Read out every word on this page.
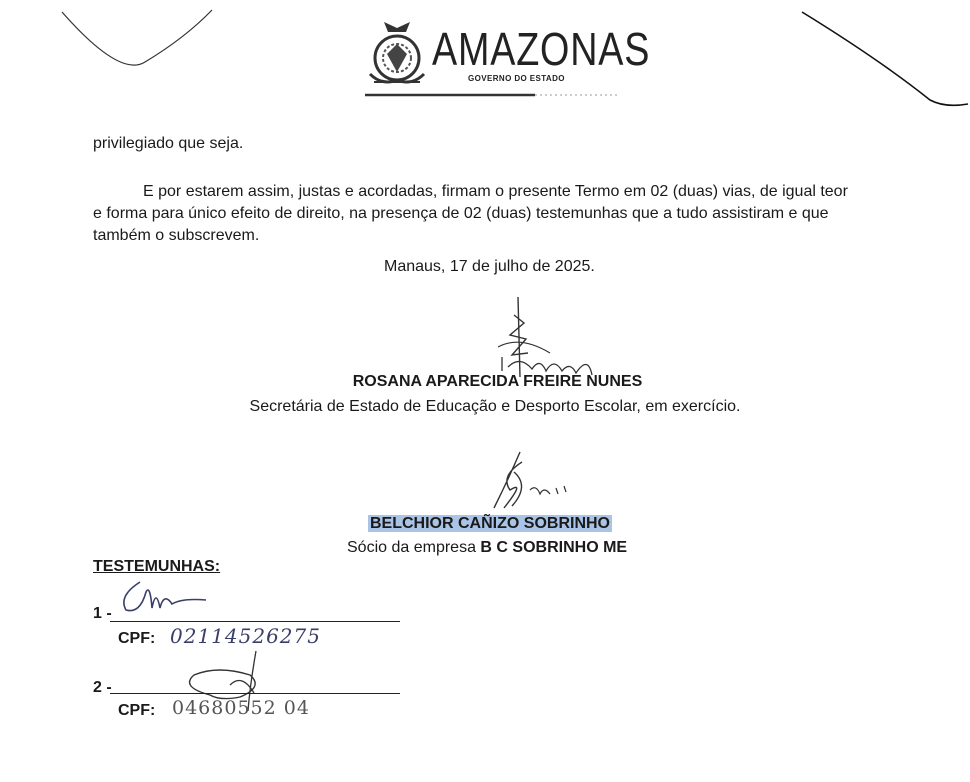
AMAZONAS
GOVERNO DO ESTADO
privilegiado que seja.
E por estarem assim, justas e acordadas, firmam o presente Termo em 02 (duas) vias, de igual teor
e forma para único efeito de direito, na presença de 02 (duas) testemunhas que a tudo assistiram e que
também o subscrevem.
Manaus, 17 de julho de 2025.
ROSANA APARECIDA FREIRE NUNES
Secretária de Estado de Educação e Desporto Escolar, em exercício.
BELCHIOR CAÑIZO SOBRINHO
Sócio da empresa B C SOBRINHO ME
TESTEMUNHAS:
1 -
CPF: 02114526275
2 -
CPF: 04680552 04
